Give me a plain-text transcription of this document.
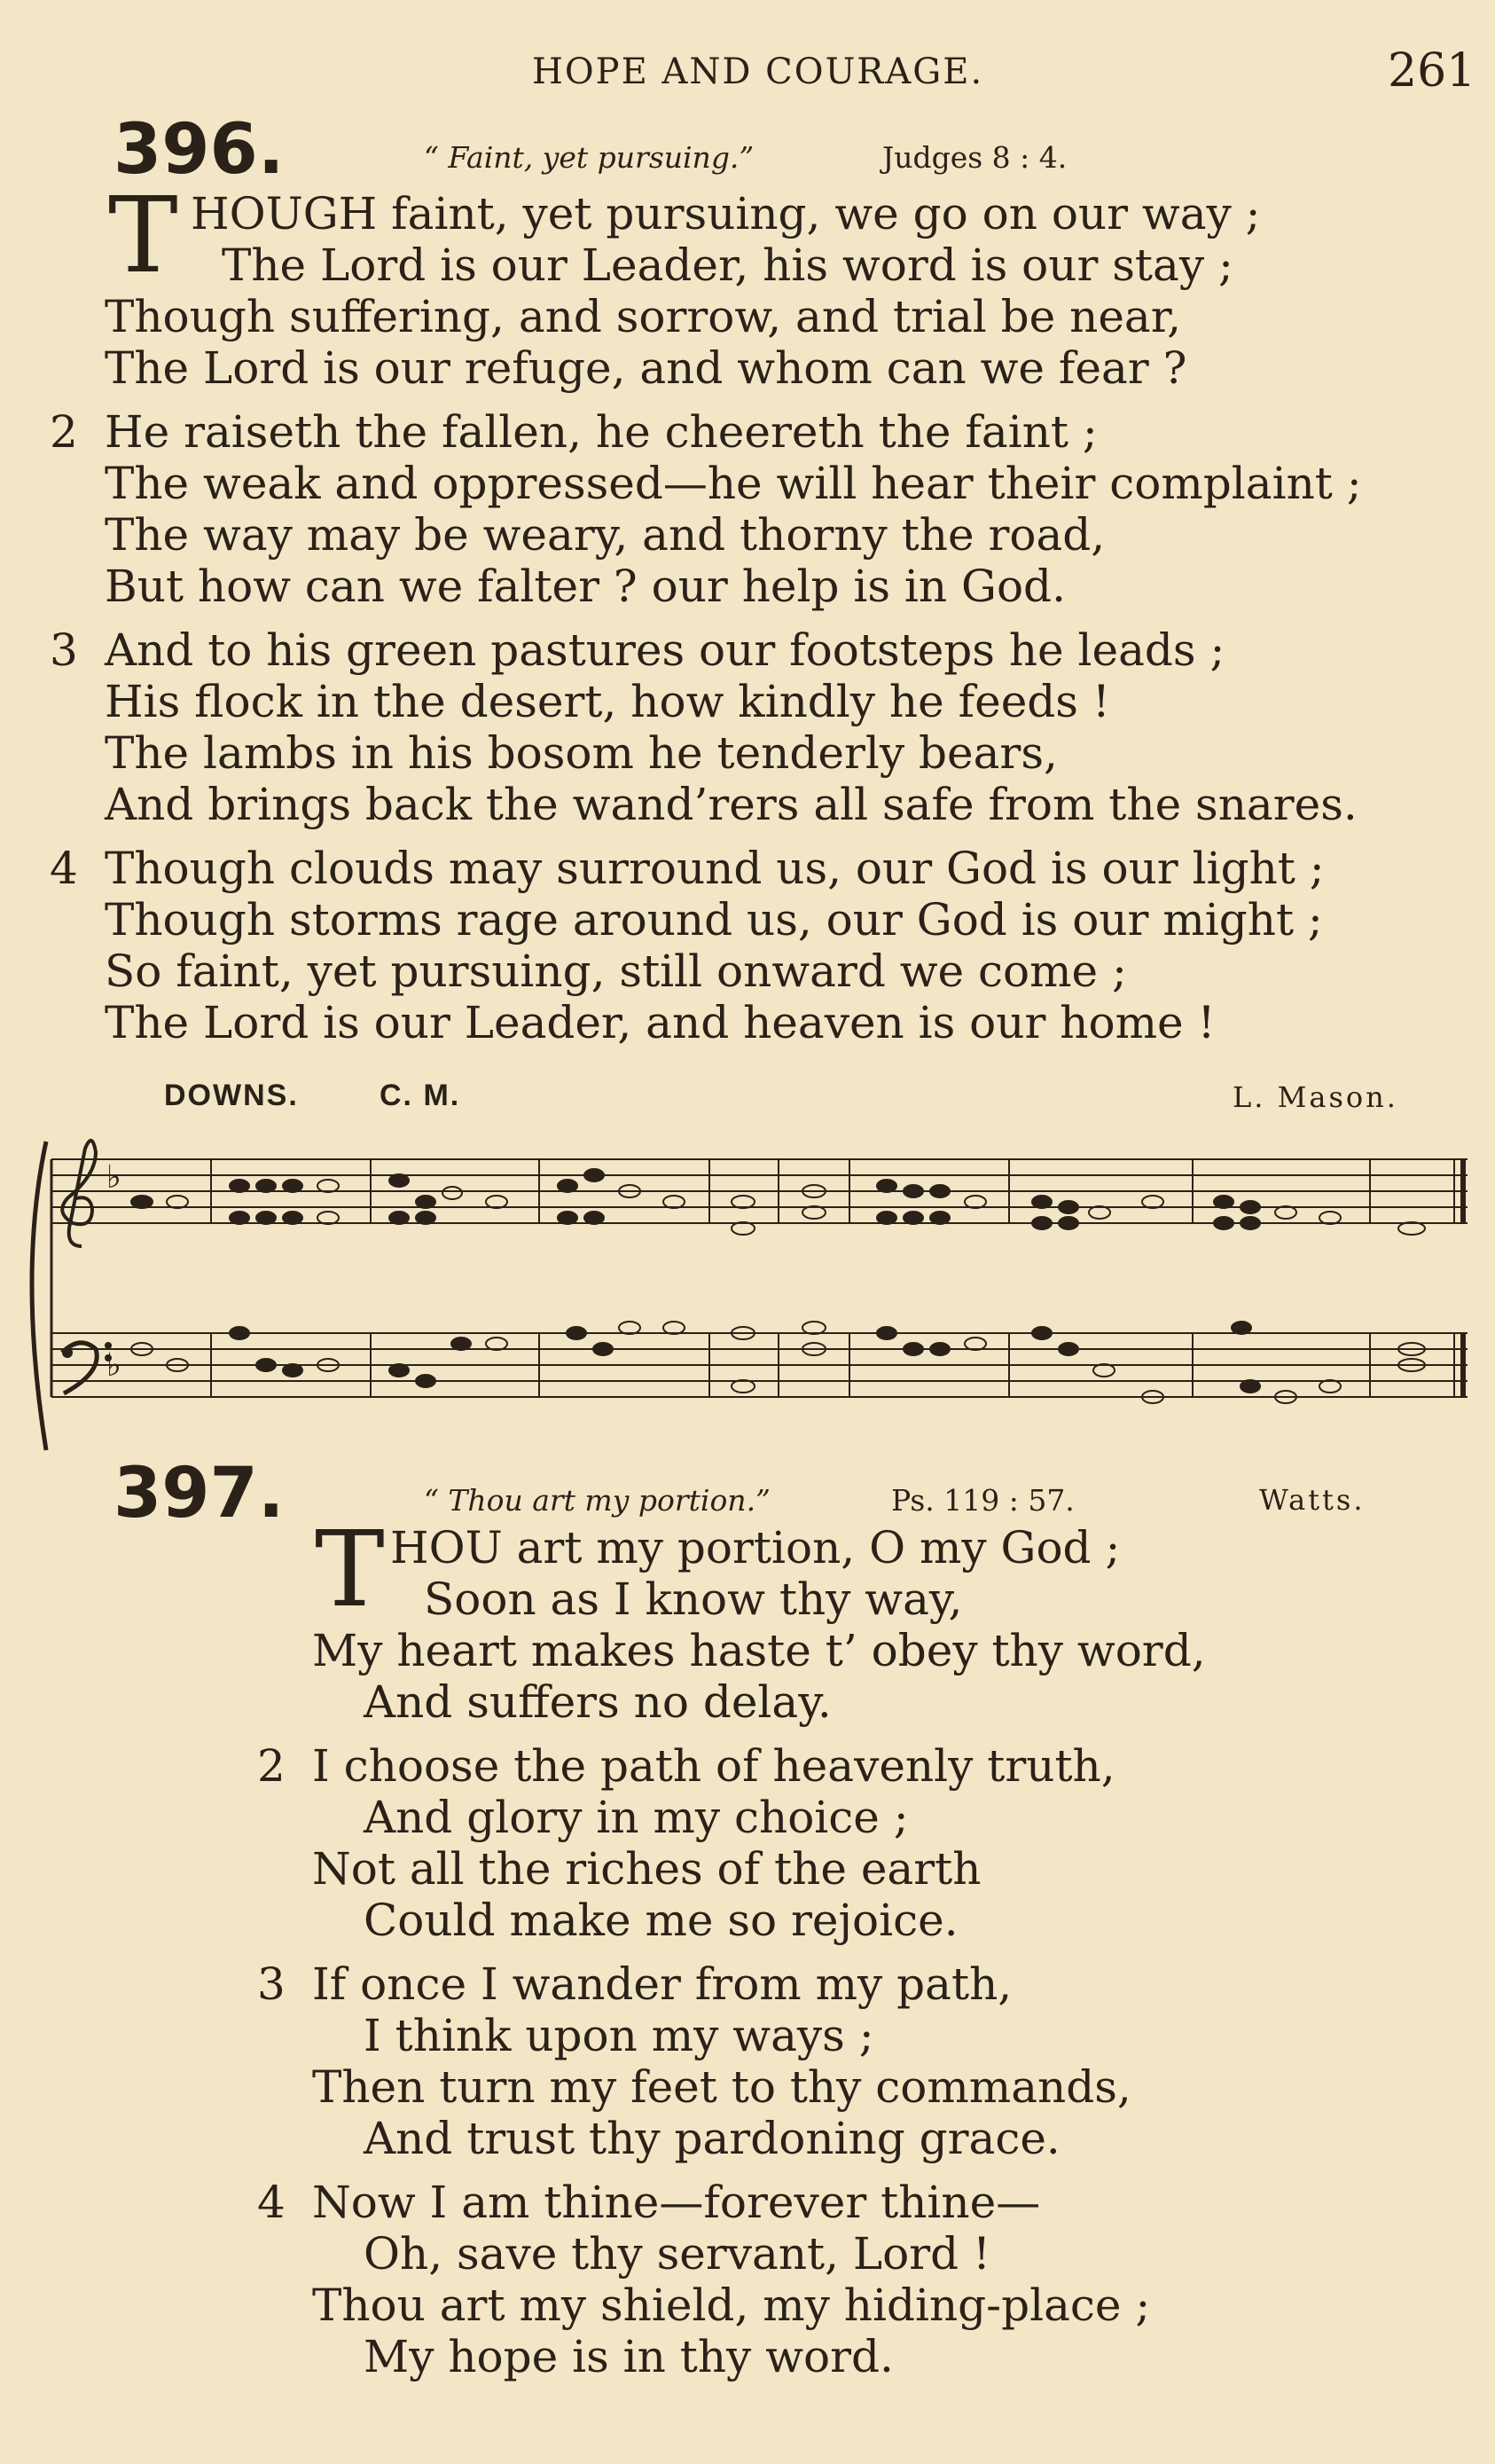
HOPE AND COURAGE.	261
396.	“ Faint, yet pursuing.”	Judges 8 : 4.
T HOUGH faint, yet pursuing, we go on our way ;
The Lord is our Leader, his word is our stay ;
Though suffering, and sorrow, and trial be near,
The Lord is our refuge, and whom can we fear ?
2 He raiseth the fallen, he cheereth the faint ;
The weak and oppressed—he will hear their complaint ;
The way may be weary, and thorny the road,
But how can we falter ? our help is in God.
3 And to his green pastures our footsteps he leads ;
His flock in the desert, how kindly he feeds !
The lambs in his bosom he tenderly bears,
And brings back the wand’rers all safe from the snares.
4 Though clouds may surround us, our God is our light ;
Though storms rage around us, our God is our might ;
So faint, yet pursuing, still onward we come ;
The Lord is our Leader, and heaven is our home !
DOWNS.	C. M.	L. Mason.
♭
♭
397.	“ Thou art my portion.”	Ps. 119 : 57.	Watts.
T HOU art my portion, O my God ;
Soon as I know thy way,
My heart makes haste t’ obey thy word,
And suffers no delay.
2 I choose the path of heavenly truth,
And glory in my choice ;
Not all the riches of the earth
Could make me so rejoice.
3 If once I wander from my path,
I think upon my ways ;
Then turn my feet to thy commands,
And trust thy pardoning grace.
4 Now I am thine—forever thine—
Oh, save thy servant, Lord !
Thou art my shield, my hiding-place ;
My hope is in thy word.
